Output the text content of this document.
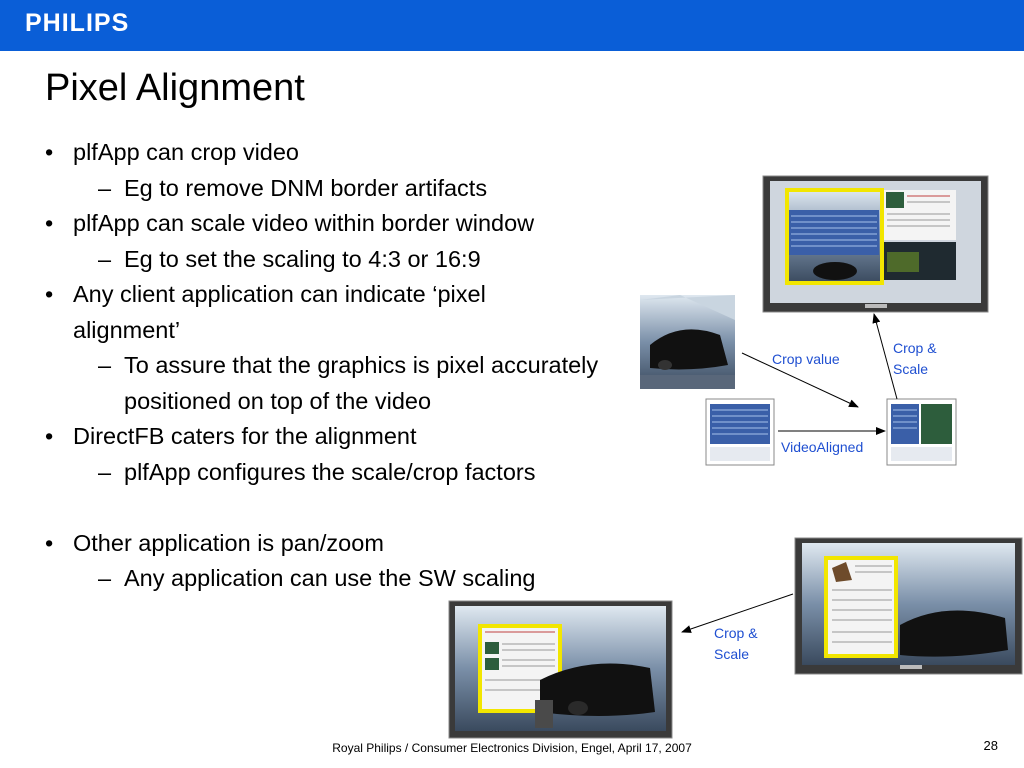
PHILIPS
Pixel Alignment
• plfApp can crop video
– Eg to remove DNM border artifacts
• plfApp can scale video within border window
– Eg to set the scaling to 4:3 or 16:9
• Any client application can indicate ‘pixel alignment’
– To assure that the graphics is pixel accurately positioned on top of the video
• DirectFB caters for the alignment
– plfApp configures the scale/crop factors
• Other application is pan/zoom
– Any application can use the SW scaling
Crop value
Crop &
Scale
VideoAligned
Crop &
Scale
Royal Philips / Consumer Electronics Division, Engel, April 17, 2007	28
